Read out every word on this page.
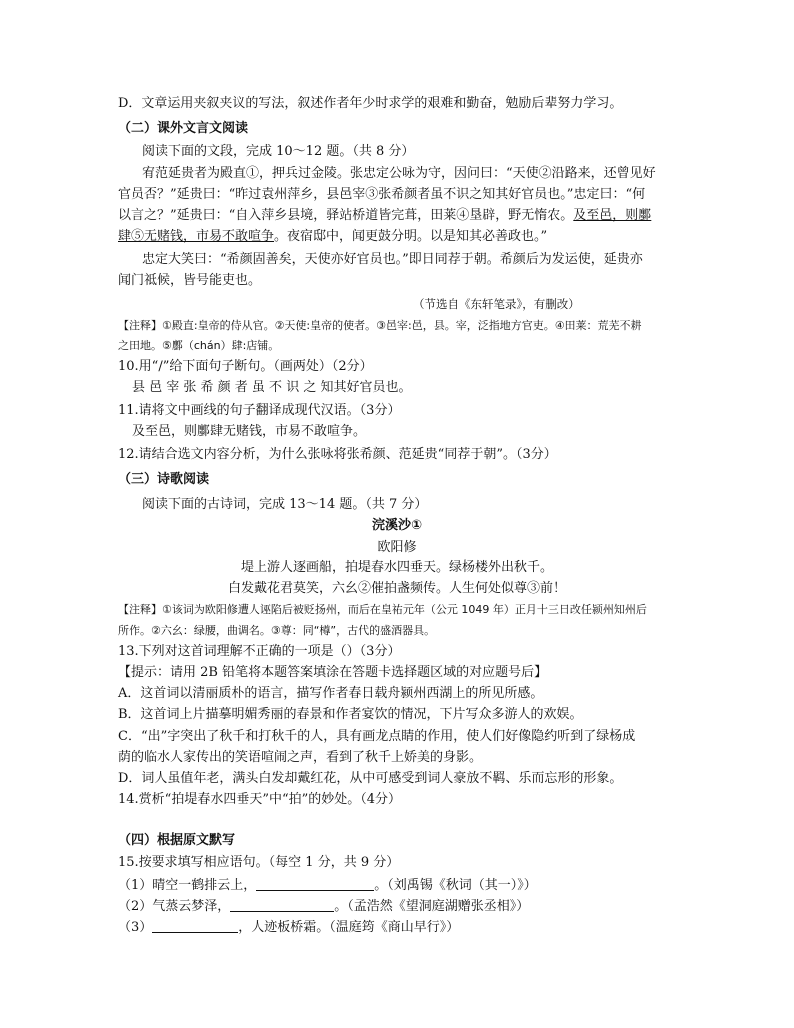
D．文章运用夹叙夹议的写法，叙述作者年少时求学的艰难和勤奋，勉励后辈努力学习。
（二）课外文言文阅读
阅读下面的文段，完成 10～12 题。（共 8 分）
宥范延贵者为殿直①，押兵过金陵。张忠定公咏为守，因问曰：“天使②沿路来，还曾见好
官员否？”延贵曰：“昨过袁州萍乡，县邑宰③张希颜者虽不识之知其好官员也。”忠定曰：“何
以言之？”延贵曰：“自入萍乡县境，驿站桥道皆完葺，田莱④垦辟，野无惰农。及至邑，则鄽
肆⑤无赌钱，市易不敢喧争。夜宿邸中，闻更鼓分明。以是知其必善政也。”
忠定大笑曰：“希颜固善矣，天使亦好官员也。”即日同荐于朝。希颜后为发运使，延贵亦
闻门祗候，皆号能吏也。
（节选自《东轩笔录》，有删改）
【注释】①殿直:皇帝的侍从官。②天使:皇帝的使者。③邑宰:邑，县。宰，泛指地方官吏。④田莱：荒芜不耕
之田地。⑤鄽（chán）肆:店铺。
10.用“/”给下面句子断句。（画两处）（2分）
县 邑 宰 张 希 颜 者 虽 不 识 之 知其好官员也。
11.请将文中画线的句子翻译成现代汉语。（3分）
及至邑，则鄽肆无赌钱，市易不敢喧争。
12.请结合选文内容分析，为什么张咏将张希颜、范延贵“同荐于朝”。（3分）
（三）诗歌阅读
阅读下面的古诗词，完成 13～14 题。（共 7 分）
浣溪沙①
欧阳修
堤上游人逐画船，拍堤春水四垂天。绿杨楼外出秋千。
白发戴花君莫笑，六幺②催拍盏频传。人生何处似尊③前！
【注释】①该词为欧阳修遭人诬陷后被贬扬州，而后在皇祐元年（公元 1049 年）正月十三日改任颍州知州后
所作。②六幺：绿腰，曲调名。③尊：同“樽”，古代的盛酒器具。
13.下列对这首词理解不正确的一项是（）（3分）
【提示：请用 2B 铅笔将本题答案填涂在答题卡选择题区域的对应题号后】
A．这首词以清丽质朴的语言，描写作者春日载舟颍州西湖上的所见所感。
B．这首词上片描摹明媚秀丽的春景和作者宴饮的情况，下片写众多游人的欢娱。
C．“出”字突出了秋千和打秋千的人，具有画龙点睛的作用，使人们好像隐约听到了绿杨成
荫的临水人家传出的笑语喧闹之声，看到了秋千上娇美的身影。
D．词人虽值年老，满头白发却戴红花，从中可感受到词人豪放不羁、乐而忘形的形象。
14.赏析“拍堤春水四垂天”中“拍”的妙处。（4分）
（四）根据原文默写
15.按要求填写相应语句。（每空 1 分，共 9 分）
（1）晴空一鹤排云上，	。（刘禹锡《秋词（其一）》）
（2）气蒸云梦泽，	。（孟浩然《望洞庭湖赠张丞相》）
（3）	，人迹板桥霜。（温庭筠《商山早行》）
